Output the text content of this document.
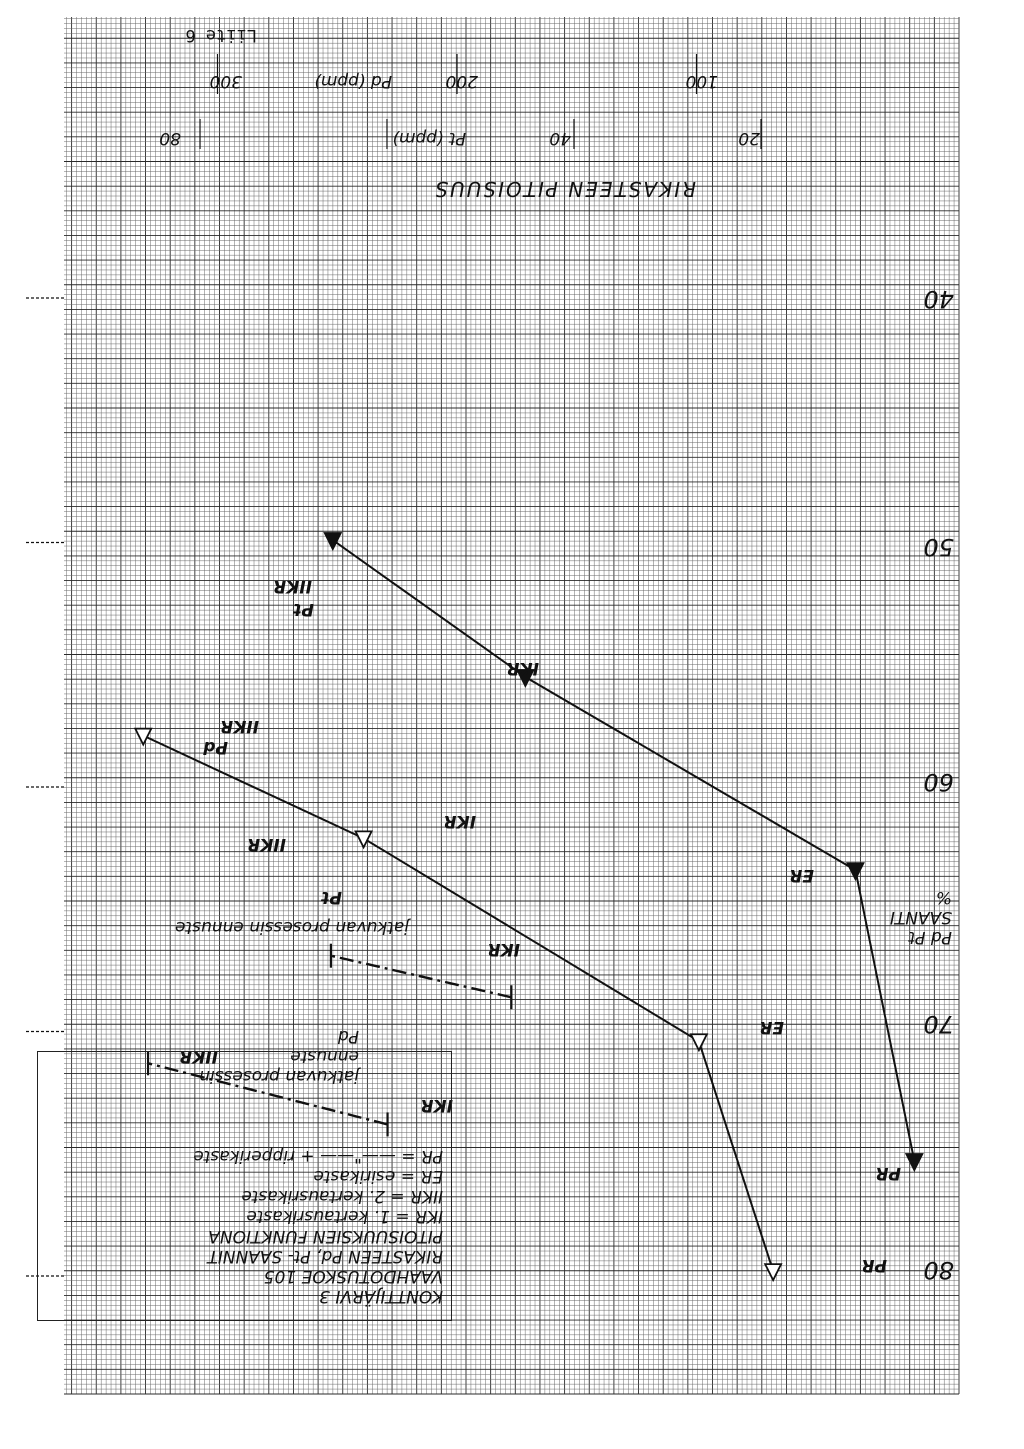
RIKASTEEN PITOISUUS
20
40
Pt (ppm)
80
100
200
Pd (ppm)
300
40
50
60
70
80
Pd Pt
SAANTI
%
IIKR
Pt
IKR
ER
PR
IIKR
Pd
IKR
ER
PR
IIKR
Pt
IKR
jatkuvan prosessin ennuste
IIKR
IKR
jatkuvan prosessin
ennuste
Pd
KONTTIJÄRVI 3
VAAHDOTUSKOE 105
RIKASTEEN Pd, Pt- SAANNIT
PITOISUUKSIEN FUNKTIONA
IKR = 1. kertausrikaste
IIKR = 2. kertausrikaste
ER = esirikaste
PR = ——"—— + ripperikaste
Liite 6
